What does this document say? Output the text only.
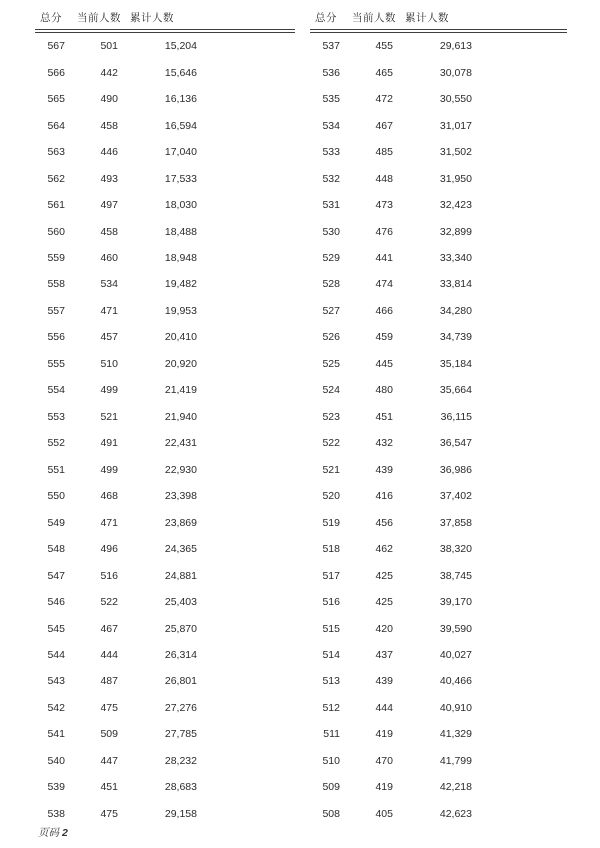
总分 当前人数 累计人数
567	501	15,204
566	442	15,646
565	490	16,136
564	458	16,594
563	446	17,040
562	493	17,533
561	497	18,030
560	458	18,488
559	460	18,948
558	534	19,482
557	471	19,953
556	457	20,410
555	510	20,920
554	499	21,419
553	521	21,940
552	491	22,431
551	499	22,930
550	468	23,398
549	471	23,869
548	496	24,365
547	516	24,881
546	522	25,403
545	467	25,870
544	444	26,314
543	487	26,801
542	475	27,276
541	509	27,785
540	447	28,232
539	451	28,683
538	475	29,158
总分 当前人数 累计人数
537	455	29,613
536	465	30,078
535	472	30,550
534	467	31,017
533	485	31,502
532	448	31,950
531	473	32,423
530	476	32,899
529	441	33,340
528	474	33,814
527	466	34,280
526	459	34,739
525	445	35,184
524	480	35,664
523	451	36,115
522	432	36,547
521	439	36,986
520	416	37,402
519	456	37,858
518	462	38,320
517	425	38,745
516	425	39,170
515	420	39,590
514	437	40,027
513	439	40,466
512	444	40,910
511	419	41,329
510	470	41,799
509	419	42,218
508	405	42,623
页码 2
